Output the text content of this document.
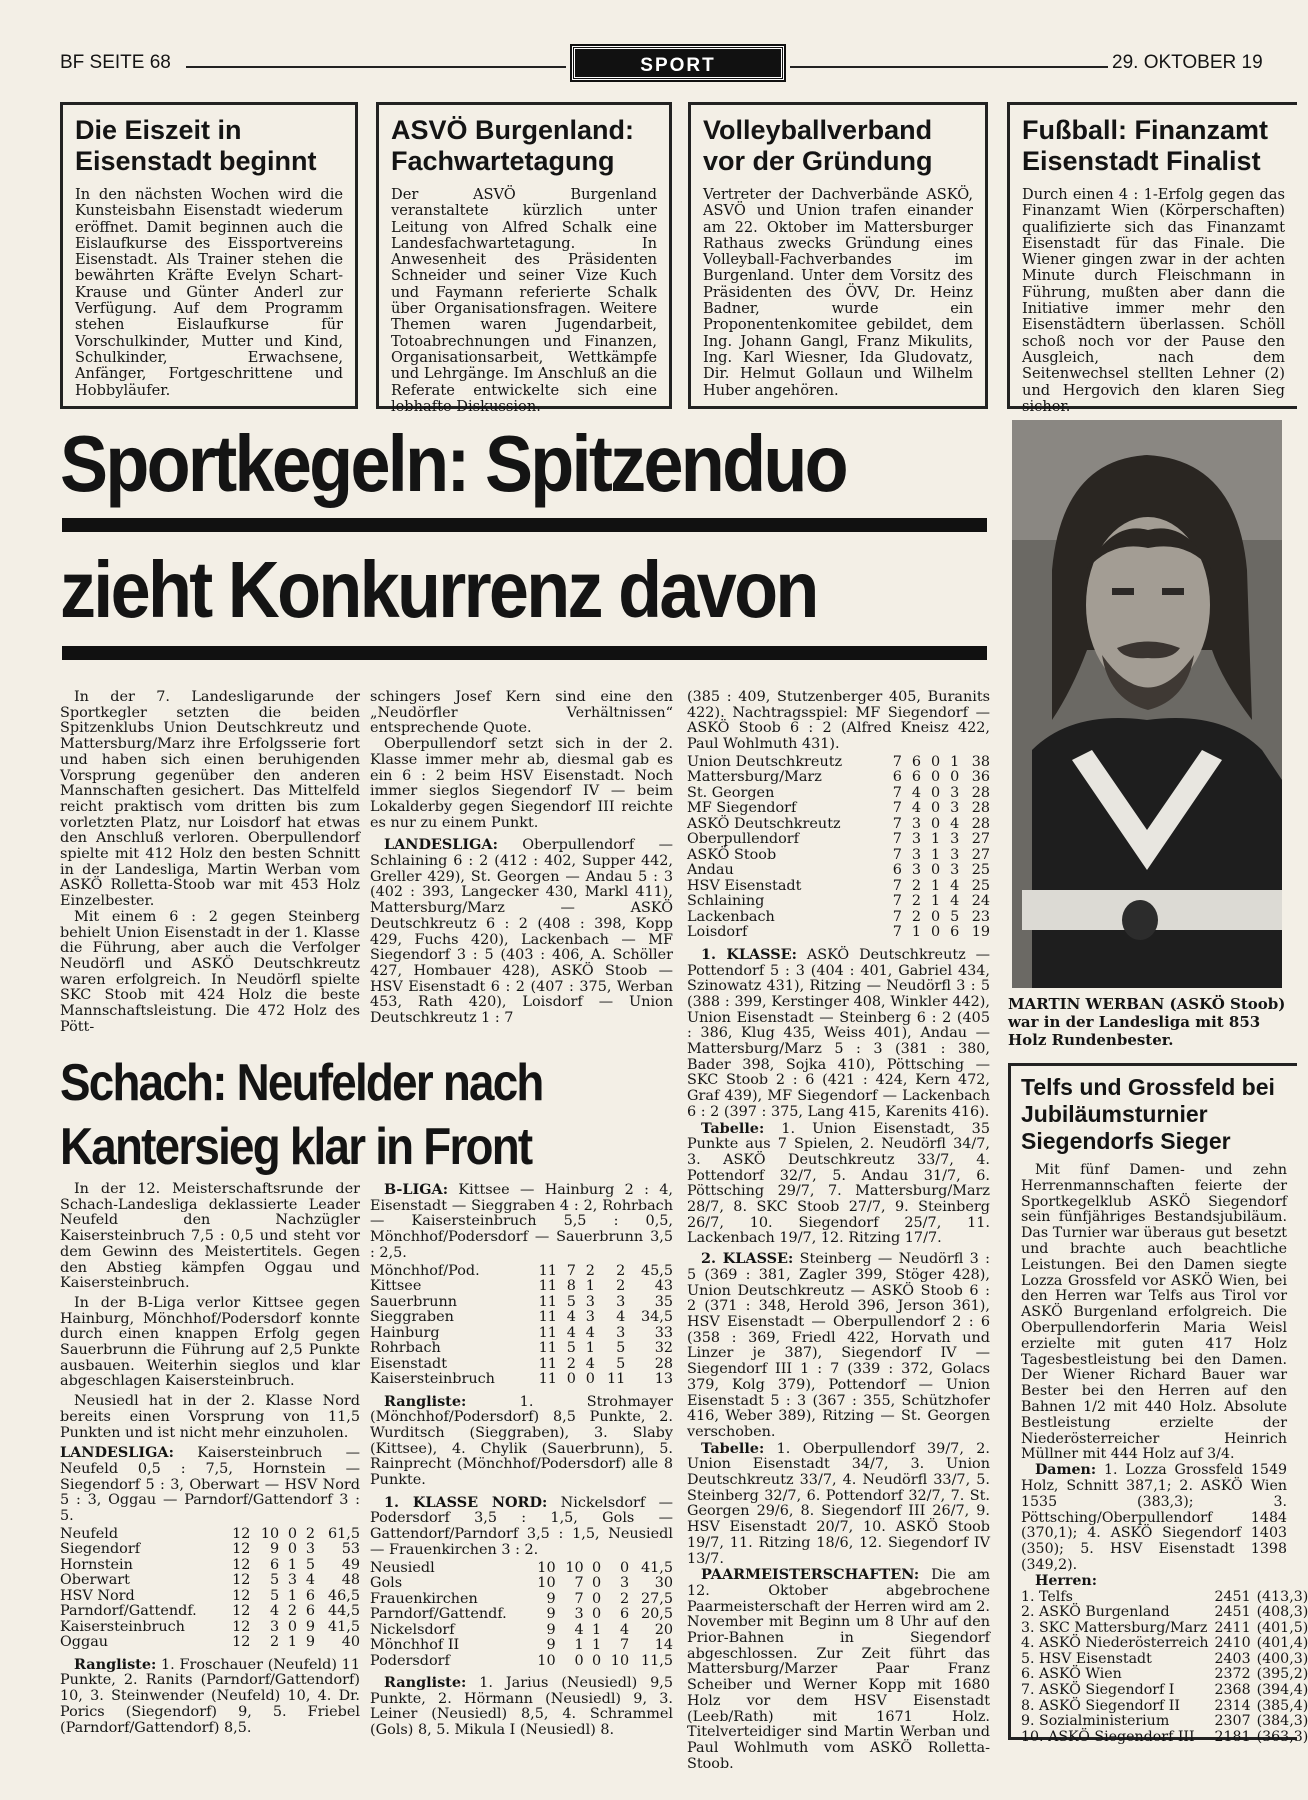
BF SEITE 68	SPORT	29. OKTOBER 19
Die Eiszeit in Eisenstadt beginnt

In den nächsten Wochen wird die Kunsteisbahn Eisenstadt wiederum eröffnet. Damit beginnen auch die Eislaufkurse des Eissportvereins Eisenstadt. Als Trainer stehen die bewährten Kräfte Evelyn Schart-Krause und Günter Anderl zur Verfügung. Auf dem Programm stehen Eislaufkurse für Vorschulkinder, Mutter und Kind, Schulkinder, Erwachsene, Anfänger, Fortgeschrittene und Hobbyläufer.

ASVÖ Burgenland: Fachwartetagung

Der ASVÖ Burgenland veranstaltete kürzlich unter Leitung von Alfred Schalk eine Landesfachwartetagung. In Anwesenheit des Präsidenten Schneider und seiner Vize Kuch und Faymann referierte Schalk über Organisationsfragen. Weitere Themen waren Jugendarbeit, Totoabrechnungen und Finanzen, Organisationsarbeit, Wettkämpfe und Lehrgänge. Im Anschluß an die Referate entwickelte sich eine lebhafte Diskussion.

Volleyballverband vor der Gründung

Vertreter der Dachverbände ASKÖ, ASVÖ und Union trafen einander am 22. Oktober im Mattersburger Rathaus zwecks Gründung eines Volleyball-Fachverbandes im Burgenland. Unter dem Vorsitz des Präsidenten des ÖVV, Dr. Heinz Badner, wurde ein Proponentenkomitee gebildet, dem Ing. Johann Gangl, Franz Mikulits, Ing. Karl Wiesner, Ida Gludovatz, Dir. Helmut Gollaun und Wilhelm Huber angehören.

Fußball: Finanzamt Eisenstadt Finalist

Durch einen 4 : 1-Erfolg gegen das Finanzamt Wien (Körperschaften) qualifizierte sich das Finanzamt Eisenstadt für das Finale. Die Wiener gingen zwar in der achten Minute durch Fleischmann in Führung, mußten aber dann die Initiative immer mehr den Eisenstädtern überlassen. Schöll schoß noch vor der Pause den Ausgleich, nach dem Seitenwechsel stellten Lehner (2) und Hergovich den klaren Sieg sicher.

Sportkegeln: Spitzenduo
zieht Konkurrenz davon

In der 7. Landesligarunde der Sportkegler setzten die beiden Spitzenklubs Union Deutschkreutz und Mattersburg/Marz ihre Erfolgsserie fort und haben sich einen beruhigenden Vorsprung gegenüber den anderen Mannschaften gesichert. Das Mittelfeld reicht praktisch vom dritten bis zum vorletzten Platz, nur Loisdorf hat etwas den Anschluß verloren. Oberpullendorf spielte mit 412 Holz den besten Schnitt in der Landesliga, Martin Werban vom ASKÖ Rolletta-Stoob war mit 453 Holz Einzelbester.

Mit einem 6 : 2 gegen Steinberg behielt Union Eisenstadt in der 1. Klasse die Führung, aber auch die Verfolger Neudörfl und ASKÖ Deutschkreutz waren erfolgreich. In Neudörfl spielte SKC Stoob mit 424 Holz die beste Mannschaftsleistung. Die 472 Holz des Pött-

schingers Josef Kern sind eine den „Neudörfler Verhältnissen“ entsprechende Quote.

Oberpullendorf setzt sich in der 2. Klasse immer mehr ab, diesmal gab es ein 6 : 2 beim HSV Eisenstadt. Noch immer sieglos Siegendorf IV — beim Lokalderby gegen Siegendorf III reichte es nur zu einem Punkt.

LANDESLIGA: Oberpullendorf — Schlaining 6 : 2 (412 : 402, Supper 442, Greller 429), St. Georgen — Andau 5 : 3 (402 : 393, Langecker 430, Markl 411), Mattersburg/Marz — ASKÖ Deutschkreutz 6 : 2 (408 : 398, Kopp 429, Fuchs 420), Lackenbach — MF Siegendorf 3 : 5 (403 : 406, A. Schöller 427, Hombauer 428), ASKÖ Stoob — HSV Eisenstadt 6 : 2 (407 : 375, Werban 453, Rath 420), Loisdorf — Union Deutschkreutz 1 : 7

(385 : 409, Stutzenberger 405, Buranits 422). Nachtragsspiel: MF Siegendorf — ASKÖ Stoob 6 : 2 (Alfred Kneisz 422, Paul Wohlmuth 431).

Union Deutschkreutz	7	6	0	1	38
Mattersburg/Marz	6	6	0	0	36
St. Georgen	7	4	0	3	28
MF Siegendorf	7	4	0	3	28
ASKÖ Deutschkreutz	7	3	0	4	28
Oberpullendorf	7	3	1	3	27
ASKÖ Stoob	7	3	1	3	27
Andau	6	3	0	3	25
HSV Eisenstadt	7	2	1	4	25
Schlaining	7	2	1	4	24
Lackenbach	7	2	0	5	23
Loisdorf	7	1	0	6	19

1. KLASSE: ASKÖ Deutschkreutz — Pottendorf 5 : 3 (404 : 401, Gabriel 434, Szinowatz 431), Ritzing — Neudörfl 3 : 5 (388 : 399, Kerstinger 408, Winkler 442), Union Eisenstadt — Steinberg 6 : 2 (405 : 386, Klug 435, Weiss 401), Andau — Mattersburg/Marz 5 : 3 (381 : 380, Bader 398, Sojka 410), Pöttsching — SKC Stoob 2 : 6 (421 : 424, Kern 472, Graf 439), MF Siegendorf — Lackenbach 6 : 2 (397 : 375, Lang 415, Karenits 416).

Tabelle: 1. Union Eisenstadt, 35 Punkte aus 7 Spielen, 2. Neudörfl 34/7, 3. ASKÖ Deutschkreutz 33/7, 4. Pottendorf 32/7, 5. Andau 31/7, 6. Pöttsching 29/7, 7. Mattersburg/Marz 28/7, 8. SKC Stoob 27/7, 9. Steinberg 26/7, 10. Siegendorf 25/7, 11. Lackenbach 19/7, 12. Ritzing 17/7.

2. KLASSE: Steinberg — Neudörfl 3 : 5 (369 : 381, Zagler 399, Stöger 428), Union Deutschkreutz — ASKÖ Stoob 6 : 2 (371 : 348, Herold 396, Jerson 361), HSV Eisenstadt — Oberpullendorf 2 : 6 (358 : 369, Friedl 422, Horvath und Linzer je 387), Siegendorf IV — Siegendorf III 1 : 7 (339 : 372, Golacs 379, Kolg 379), Pottendorf — Union Eisenstadt 5 : 3 (367 : 355, Schützhofer 416, Weber 389), Ritzing — St. Georgen verschoben.

Tabelle: 1. Oberpullendorf 39/7, 2. Union Eisenstadt 34/7, 3. Union Deutschkreutz 33/7, 4. Neudörfl 33/7, 5. Steinberg 32/7, 6. Pottendorf 32/7, 7. St. Georgen 29/6, 8. Siegendorf III 26/7, 9. HSV Eisenstadt 20/7, 10. ASKÖ Stoob 19/7, 11. Ritzing 18/6, 12. Siegendorf IV 13/7.

PAARMEISTERSCHAFTEN: Die am 12. Oktober abgebrochene Paarmeisterschaft der Herren wird am 2. November mit Beginn um 8 Uhr auf den Prior-Bahnen in Siegendorf abgeschlossen. Zur Zeit führt das Mattersburg/Marzer Paar Franz Scheiber und Werner Kopp mit 1680 Holz vor dem HSV Eisenstadt (Leeb/Rath) mit 1671 Holz. Titelverteidiger sind Martin Werban und Paul Wohlmuth vom ASKÖ Rolletta-Stoob.

Schach: Neufelder nach
Kantersieg klar in Front

In der 12. Meisterschaftsrunde der Schach-Landesliga deklassierte Leader Neufeld den Nachzügler Kaisersteinbruch 7,5 : 0,5 und steht vor dem Gewinn des Meistertitels. Gegen den Abstieg kämpfen Oggau und Kaisersteinbruch.

In der B-Liga verlor Kittsee gegen Hainburg, Mönchhof/Podersdorf konnte durch einen knappen Erfolg gegen Sauerbrunn die Führung auf 2,5 Punkte ausbauen. Weiterhin sieglos und klar abgeschlagen Kaisersteinbruch.

Neusiedl hat in der 2. Klasse Nord bereits einen Vorsprung von 11,5 Punkten und ist nicht mehr einzuholen.

LANDESLIGA: Kaisersteinbruch — Neufeld 0,5 : 7,5, Hornstein — Siegendorf 5 : 3, Oberwart — HSV Nord 5 : 3, Oggau — Parndorf/Gattendorf 3 : 5.

Neufeld	12	10	0	2	61,5
Siegendorf	12	9	0	3	53
Hornstein	12	6	1	5	49
Oberwart	12	5	3	4	48
HSV Nord	12	5	1	6	46,5
Parndorf/Gattendf.	12	4	2	6	44,5
Kaisersteinbruch	12	3	0	9	41,5
Oggau	12	2	1	9	40

Rangliste: 1. Froschauer (Neufeld) 11 Punkte, 2. Ranits (Parndorf/Gattendorf) 10, 3. Steinwender (Neufeld) 10, 4. Dr. Porics (Siegendorf) 9, 5. Friebel (Parndorf/Gattendorf) 8,5.

B-LIGA: Kittsee — Hainburg 2 : 4, Eisenstadt — Sieggraben 4 : 2, Rohrbach — Kaisersteinbruch 5,5 : 0,5, Mönchhof/Podersdorf — Sauerbrunn 3,5 : 2,5.

Mönchhof/Pod.	11	7	2	2	45,5
Kittsee	11	8	1	2	43
Sauerbrunn	11	5	3	3	35
Sieggraben	11	4	3	4	34,5
Hainburg	11	4	4	3	33
Rohrbach	11	5	1	5	32
Eisenstadt	11	2	4	5	28
Kaisersteinbruch	11	0	0	11	13

Rangliste: 1. Strohmayer (Mönchhof/Podersdorf) 8,5 Punkte, 2. Wurditsch (Sieggraben), 3. Slaby (Kittsee), 4. Chylik (Sauerbrunn), 5. Rainprecht (Mönchhof/Podersdorf) alle 8 Punkte.

1. KLASSE NORD: Nickelsdorf — Podersdorf 3,5 : 1,5, Gols — Gattendorf/Parndorf 3,5 : 1,5, Neusiedl — Frauenkirchen 3 : 2.

Neusiedl	10	10	0	0	41,5
Gols	10	7	0	3	30
Frauenkirchen	9	7	0	2	27,5
Parndorf/Gattendf.	9	3	0	6	20,5
Nickelsdorf	9	4	1	4	20
Mönchhof II	9	1	1	7	14
Podersdorf	10	0	0	10	11,5

Rangliste: 1. Jarius (Neusiedl) 9,5 Punkte, 2. Hörmann (Neusiedl) 9, 3. Leiner (Neusiedl) 8,5, 4. Schrammel (Gols) 8, 5. Mikula I (Neusiedl) 8.

MARTIN WERBAN (ASKÖ Stoob) war in der Landesliga mit 853 Holz Rundenbester.
Telfs und Grossfeld bei Jubiläumsturnier Siegendorfs Sieger

Mit fünf Damen- und zehn Herrenmannschaften feierte der Sportkegelklub ASKÖ Siegendorf sein fünfjähriges Bestandsjubiläum. Das Turnier war überaus gut besetzt und brachte auch beachtliche Leistungen. Bei den Damen siegte Lozza Grossfeld vor ASKÖ Wien, bei den Herren war Telfs aus Tirol vor ASKÖ Burgenland erfolgreich. Die Oberpullendorferin Maria Weisl erzielte mit guten 417 Holz Tagesbestleistung bei den Damen. Der Wiener Richard Bauer war Bester bei den Herren auf den Bahnen 1/2 mit 440 Holz. Absolute Bestleistung erzielte der Niederösterreicher Heinrich Müllner mit 444 Holz auf 3/4.

Damen: 1. Lozza Grossfeld 1549 Holz, Schnitt 387,1; 2. ASKÖ Wien 1535 (383,3); 3. Pöttsching/Oberpullendorf 1484 (370,1); 4. ASKÖ Siegendorf 1403 (350); 5. HSV Eisenstadt 1398 (349,2).

Herren:

1. Telfs	2451	(413,3)
2. ASKÖ Burgenland	2451	(408,3)
3. SKC Mattersburg/Marz	2411	(401,5)
4. ASKÖ Niederösterreich	2410	(401,4)
5. HSV Eisenstadt	2403	(400,3)
6. ASKÖ Wien	2372	(395,2)
7. ASKÖ Siegendorf I	2368	(394,4)
8. ASKÖ Siegendorf II	2314	(385,4)
9. Sozialministerium	2307	(384,3)
10. ASKÖ Siegendorf III	2181	(363,3)
